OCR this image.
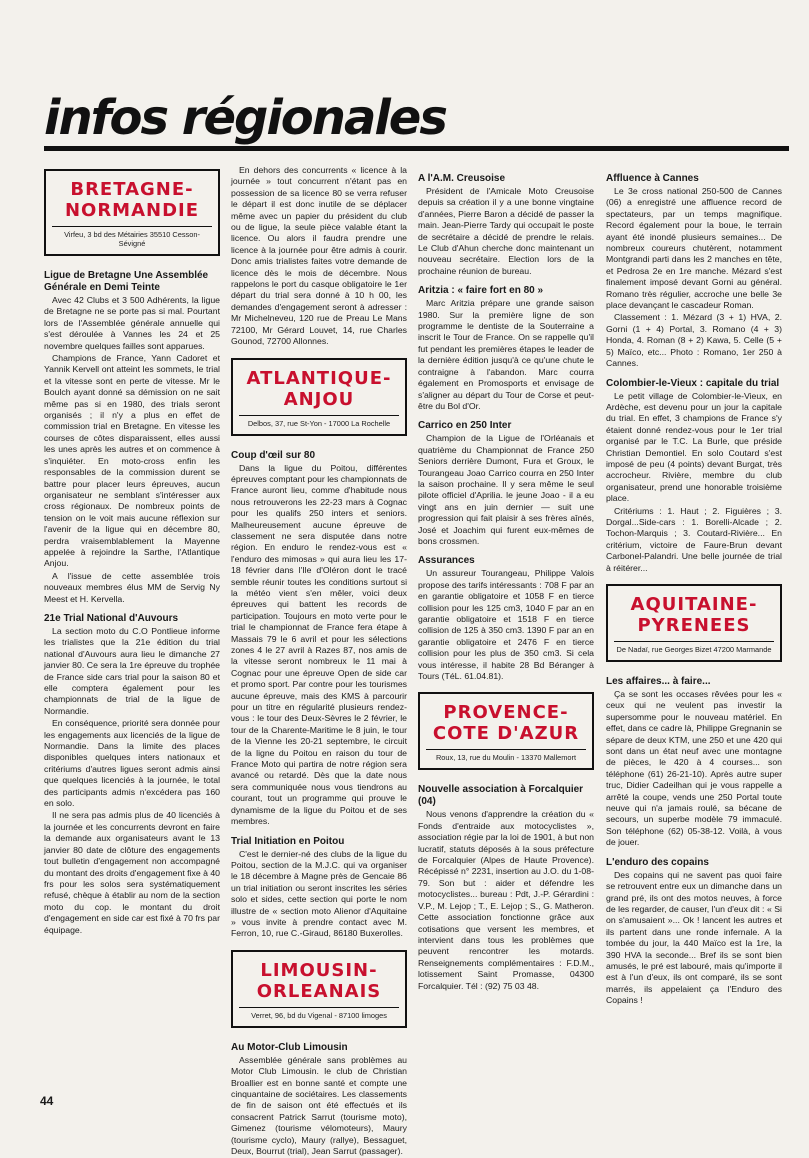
infos régionales
BRETAGNE-NORMANDIE
Virfeu, 3 bd des Métairies 35510 Cesson-Sévigné
Ligue de Bretagne Une Assemblée Générale en Demi Teinte

Avec 42 Clubs et 3 500 Adhérents, la ligue de Bretagne ne se porte pas si mal. Pourtant lors de l'Assemblée générale annuelle qui s'est déroulée à Vannes les 24 et 25 novembre quelques failles sont apparues.

Champions de France, Yann Cadoret et Yannik Kervell ont atteint les sommets, le trial et la vitesse sont en perte de vitesse. Mr le Boulch ayant donné sa démission on ne sait même pas si en 1980, des trials seront organisés ; il n'y a plus en effet de commission trial en Bretagne. En vitesse les courses de côtes disparaissent, elles aussi les unes après les autres et on commence à s'inquiéter. En moto-cross enfin les responsables de la commission durent se battre pour placer leurs épreuves, aucun organisateur ne semblant s'intéresser aux cross régionaux. De nombreux points de tension on le voit mais aucune réflexion sur l'avenir de la ligue qui en décembre 80, perdra vraisemblablement la Mayenne appelée à rejoindre la Sarthe, l'Atlantique Anjou.

A l'issue de cette assemblée trois nouveaux membres élus MM de Servig Ny Meest et H. Kervella.

21e Trial National d'Auvours

La section moto du C.O Pontlieue informe les trialistes que la 21e édition du trial national d'Auvours aura lieu le dimanche 27 janvier 80. Ce sera la 1re épreuve du trophée de France side cars trial pour la saison 80 et elle comptera également pour les championnats de trial de la ligue de Normandie.

En conséquence, priorité sera donnée pour les engagements aux licenciés de la ligue de Normandie. Dans la limite des places disponibles quelques inters nationaux et critériums d'autres ligues seront admis ainsi que quelques licenciés à la journée, le total des participants admis n'excédera pas 160 en solo.

Il ne sera pas admis plus de 40 licenciés à la journée et les concurrents devront en faire la demande aux organisateurs avant le 13 janvier 80 date de clôture des engagements tout bulletin d'engagement non accompagné du montant des droits d'engagement fixe à 40 frs pour les solos sera systématiquement refusé, chèque à établir au nom de la section moto du cop. le montant du droit d'engagement en side car est fixé à 70 frs par équipage.

En dehors des concurrents « licence à la journée » tout concurrent n'étant pas en possession de sa licence 80 se verra refuser le départ il est donc inutile de se déplacer même avec un papier du président du club ou de ligue, la seule pièce valable étant la licence. Ou alors il faudra prendre une licence à la journée pour être admis à courir. Donc amis trialistes faites votre demande de licence dès le mois de décembre. Nous rappelons le port du casque obligatoire le 1er départ du trial sera donné à 10 h 00, les demandes d'engagement seront à adresser : Mr Michelneveu, 120 rue de Preau Le Mans 72100, Mr Gérard Louvet, 14, rue Charles Gounod, 72700 Allonnes.

ATLANTIQUE-ANJOU
Delbos, 37, rue St-Yon - 17000 La Rochelle
Coup d'œil sur 80

Dans la ligue du Poitou, différentes épreuves comptant pour les championnats de France auront lieu, comme d'habitude nous nous retrouverons les 22-23 mars à Cognac pour les qualifs 250 inters et seniors. Malheureusement aucune épreuve de classement ne sera disputée dans notre région. En enduro le rendez-vous est « l'enduro des mimosas » qui aura lieu les 17-18 février dans l'Ile d'Oléron dont le tracé semble réunir toutes les conditions surtout si la météo vient s'en mêler, voici deux épreuves qui battent les records de participation. Toujours en moto verte pour le trial le championnat de France fera étape à Massais 79 le 6 avril et pour les sélections zones 4 le 27 avril à Razes 87, nos amis de la vitesse seront nombreux le 11 mai à Cognac pour une épreuve Open de side car et promo sport. Par contre pour les tourismes aucune épreuve, mais des KMS à parcourir pour un titre en régularité plusieurs rendez-vous : le tour des Deux-Sèvres le 2 février, le tour de la Charente-Maritime le 8 juin, le tour de la Vienne les 20-21 septembre, le circuit de la ligne du Poitou en raison du tour de France Moto qui partira de notre région sera avancé ou retardé. Dès que la date nous sera communiquée nous vous tiendrons au courant, tout un programme qui prouve le dynamisme de la ligue du Poitou et de ses membres.

Trial Initiation en Poitou

C'est le dernier-né des clubs de la ligue du Poitou, section de la M.J.C. qui va organiser le 18 décembre à Magne près de Gencaie 86 un trial initiation ou seront inscrites les séries solo et sides, cette section qui porte le nom illustre de « section moto Alienor d'Aquitaine » vous invite à prendre contact avec M. Ferron, 10, rue C.-Giraud, 86180 Buxerolles.

LIMOUSIN-ORLEANAIS
Verret, 96, bd du Vigenal - 87100 limoges
Au Motor-Club Limousin

Assemblée générale sans problèmes au Motor Club Limousin. le club de Christian Broallier est en bonne santé et compte une cinquantaine de sociétaires. Les classements de fin de saison ont été effectués et ils consacrent Patrick Sarrut (tourisme moto), Gimenez (tourisme vélomoteurs), Maury (tourisme cyclo), Maury (rallye), Bessaguet, Deux, Bourrut (trial), Jean Sarrut (passager).

A l'A.M. Creusoise

Président de l'Amicale Moto Creusoise depuis sa création il y a une bonne vingtaine d'années, Pierre Baron a décidé de passer la main. Jean-Pierre Tardy qui occupait le poste de secrétaire a décidé de prendre le relais. Le Club d'Ahun cherche donc maintenant un nouveau secrétaire. Election lors de la prochaine réunion de bureau.

Aritzia : « faire fort en 80 »

Marc Aritzia prépare une grande saison 1980. Sur la première ligne de son programme le dentiste de la Souterraine a inscrit le Tour de France. On se rappelle qu'il fut pendant les premières étapes le leader de la dernière édition jusqu'à ce qu'une chute le contraigne à l'abandon. Marc courra également en Promosports et envisage de s'aligner au départ du Tour de Corse et peut-être du Bol d'Or.

Carrico en 250 Inter

Champion de la Ligue de l'Orléanais et quatrième du Championnat de France 250 Seniors derrière Dumont, Fura et Groux, le Tourangeau Joao Carrico courra en 250 Inter la saison prochaine. Il y sera même le seul pilote officiel d'Aprilia. le jeune Joao - il a eu vingt ans en juin dernier — suit une progression qui fait plaisir à ses frères aînés, José et Joachim qui furent eux-mêmes de bons crossmen.

Assurances

Un assureur Tourangeau, Philippe Valois propose des tarifs intéressants : 708 F par an en garantie obligatoire et 1058 F en tierce collision pour les 125 cm3, 1040 F par an en garantie obligatoire et 1518 F en tierce collision de 125 à 350 cm3. 1390 F par an en garantie obligatoire et 2476 F en tierce collision pour les plus de 350 cm3. Si cela vous intéresse, il habite 28 Bd Béranger à Tours (TéL. 61.04.81).

PROVENCE-COTE D'AZUR
Roux, 13, rue du Moulin - 13370 Mallemort
Nouvelle association à Forcalquier (04)

Nous venons d'apprendre la création du « Fonds d'entraide aux motocyclistes », association régie par la loi de 1901, à but non lucratif, statuts déposés à la sous préfecture de Forcalquier (Alpes de Haute Provence). Récépissé n° 2231, insertion au J.O. du 1-08-79. Son but : aider et défendre les motocyclistes... bureau : Pdt, J.-P. Gérardini : V.P., M. Lejop ; T., E. Lejop ; S., G. Matheron. Cette association fonctionne grâce aux cotisations que versent les membres, et intervient dans tous les problèmes que peuvent rencontrer les motards. Renseignements complémentaires : F.D.M., lotissement Saint Promasse, 04300 Forcalquier. Tél : (92) 75 03 48.

Affluence à Cannes

Le 3e cross national 250-500 de Cannes (06) a enregistré une affluence record de spectateurs, par un temps magnifique. Record également pour la boue, le terrain ayant été inondé plusieurs semaines... De nombreux coureurs chutèrent, notamment Montgrandi parti dans les 2 manches en tête, et Pedrosa 2e en 1re manche. Mézard s'est finalement imposé devant Gorni au général. Romano très régulier, accroche une belle 3e place devançant le cascadeur Roman.

Classement : 1. Mézard (3 + 1) HVA, 2. Gorni (1 + 4) Portal, 3. Romano (4 + 3) Honda, 4. Roman (8 + 2) Kawa, 5. Celle (5 + 5) Maïco, etc... Photo : Romano, 1er 250 à Cannes.

Colombier-le-Vieux : capitale du trial

Le petit village de Colombier-le-Vieux, en Ardèche, est devenu pour un jour la capitale du trial. En effet, 3 champions de France s'y étaient donné rendez-vous pour le 1er trial organisé par le T.C. La Burle, que préside Christian Demontiel. En solo Coutard s'est imposé de peu (4 points) devant Burgat, très accrocheur. Rivière, membre du club organisateur, prend une honorable troisième place.

Critériums : 1. Haut ; 2. Figuières ; 3. Dorgal...Side-cars : 1. Borelli-Alcade ; 2. Tochon-Marquis ; 3. Coutard-Rivière... En critérium, victoire de Faure-Brun devant Carbonel-Palandri. Une belle journée de trial à réitérer...

AQUITAINE-PYRENEES
De Nadaï, rue Georges Bizet 47200 Marmande
Les affaires... à faire...

Ça se sont les occases rêvées pour les « ceux qui ne veulent pas investir la supersomme pour le nouveau matériel. En effet, dans ce cadre là, Philippe Gregnanin se sépare de deux KTM, une 250 et une 420 qui sont dans un état neuf avec une montagne de pièces, le 420 à 4 courses... son téléphone (61) 26-21-10). Après autre super truc, Didier Cadeilhan qui je vous rappelle a arrêté la coupe, vends une 250 Portal toute neuve qui n'a jamais roulé, sa bécane de secours, un superbe modèle 79 immaculé. Son téléphone (62) 05-38-12. Voilà, à vous de jouer.

L'enduro des copains

Des copains qui ne savent pas quoi faire se retrouvent entre eux un dimanche dans un grand pré, ils ont des motos neuves, à force de les regarder, de causer, l'un d'eux dit : « Si on s'amusaient »... Ok ! lancent les autres et ils partent dans une ronde infernale. A la tombée du jour, la 440 Maïco est la 1re, la 390 HVA la seconde... Bref ils se sont bien amusés, le pré est labouré, mais qu'importe il est à l'un d'eux, ils ont comparé, ils se sont marrés, ils appelaient ça l'Enduro des Copains !

44
